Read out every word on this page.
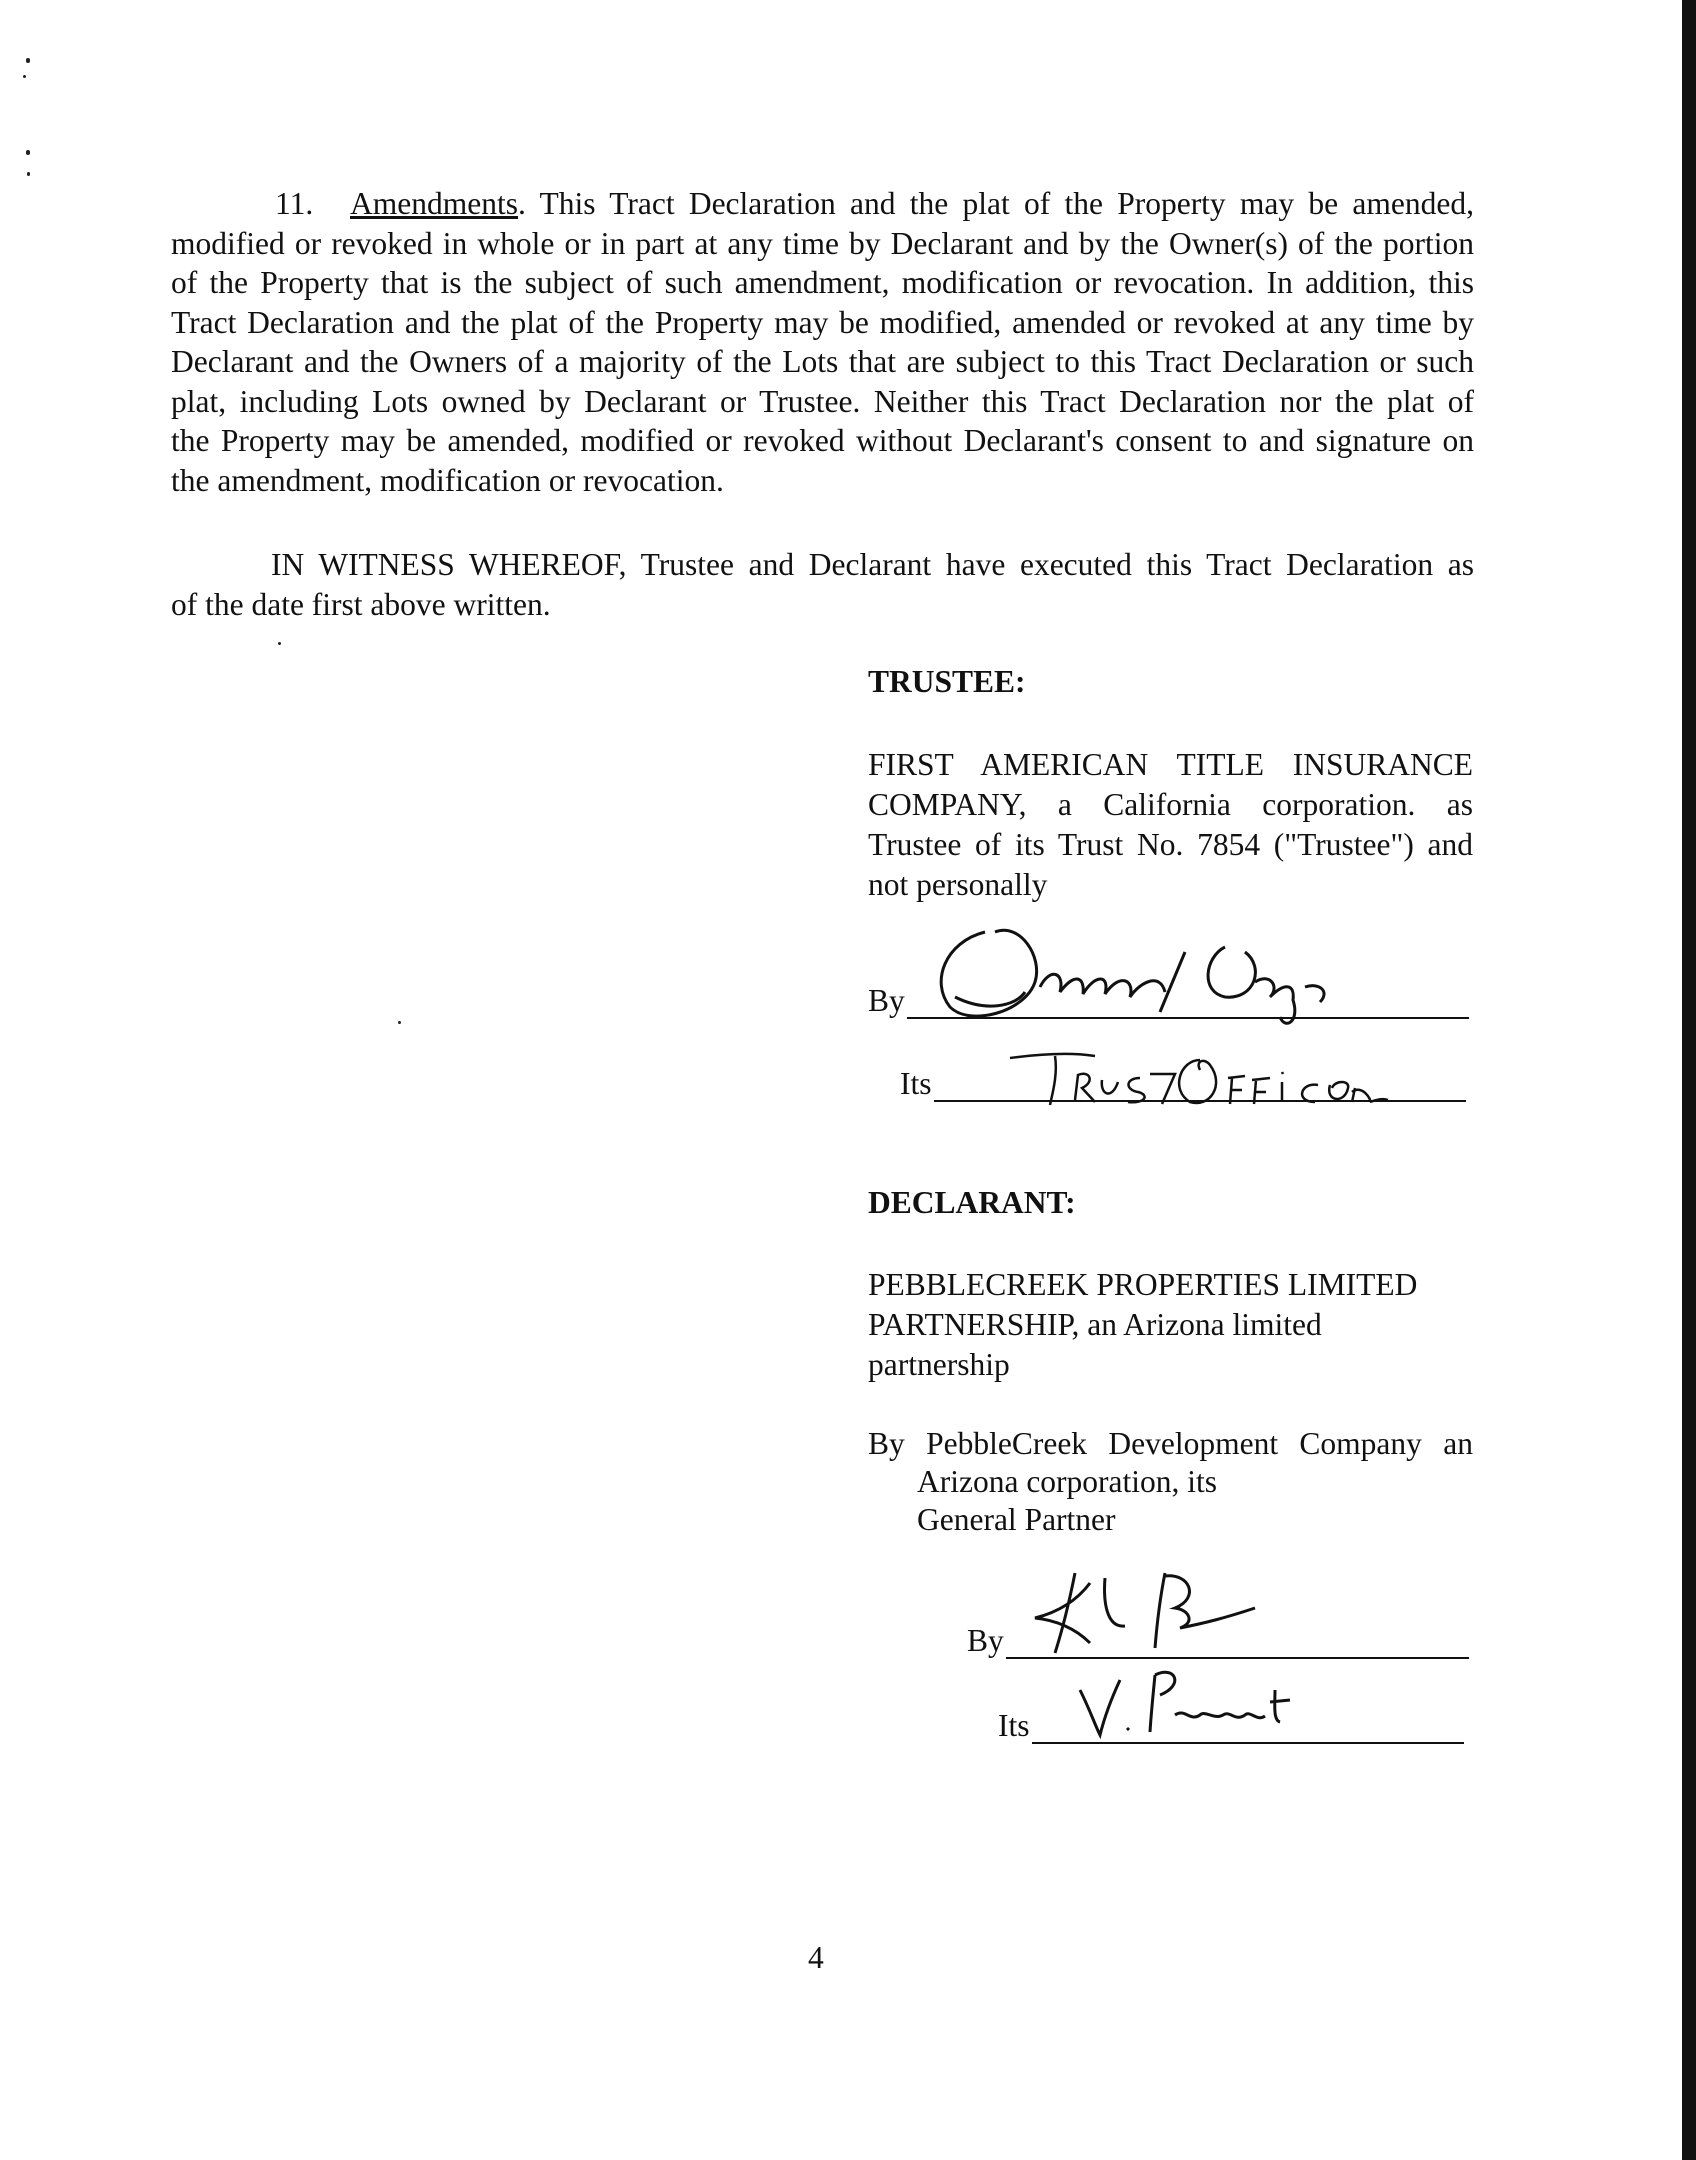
11. Amendments. This Tract Declaration and the plat of the Property may be amended,
modified or revoked in whole or in part at any time by Declarant and by the Owner(s) of the portion
of the Property that is the subject of such amendment, modification or revocation. In addition, this
Tract Declaration and the plat of the Property may be modified, amended or revoked at any time by
Declarant and the Owners of a majority of the Lots that are subject to this Tract Declaration or such
plat, including Lots owned by Declarant or Trustee. Neither this Tract Declaration nor the plat of
the Property may be amended, modified or revoked without Declarant's consent to and signature on
the amendment, modification or revocation.
IN WITNESS WHEREOF, Trustee and Declarant have executed this Tract Declaration as
of the date first above written.
TRUSTEE:
FIRST AMERICAN TITLE INSURANCE
COMPANY, a California corporation. as
Trustee of its Trust No. 7854 ("Trustee") and
not personally
By
Its
DECLARANT:
PEBBLECREEK PROPERTIES LIMITED
PARTNERSHIP, an Arizona limited
partnership
By PebbleCreek Development Company an
Arizona corporation, its
General Partner
By
Its
4
